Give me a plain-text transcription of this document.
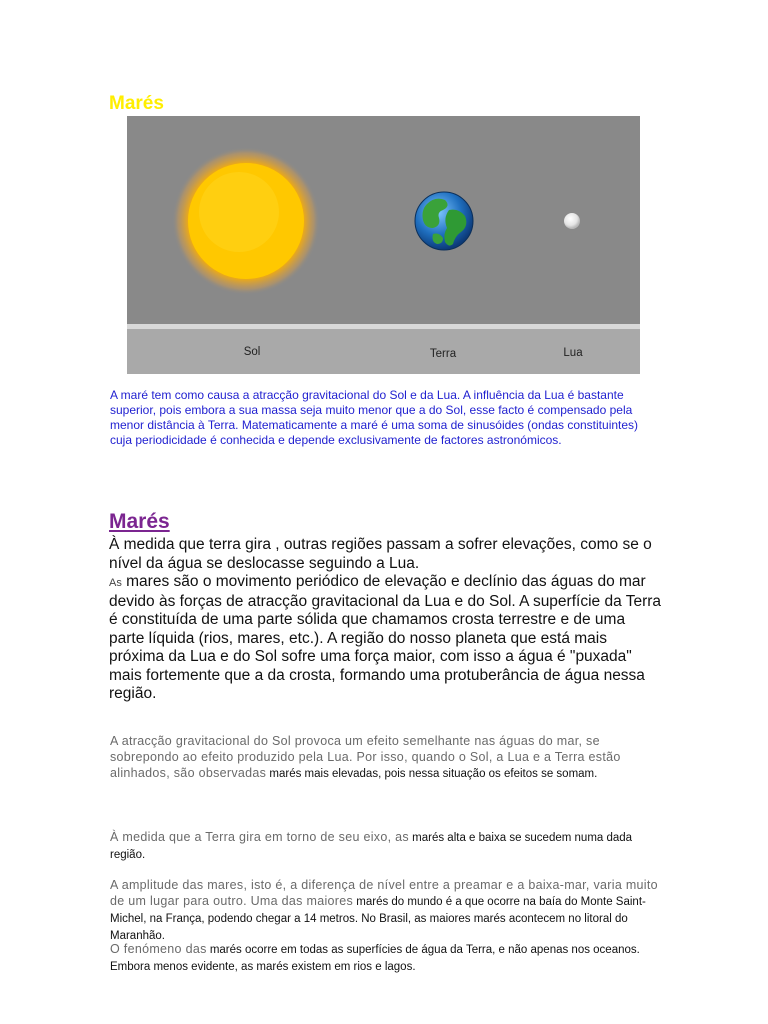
Marés
Sol	Terra	Lua

A maré tem como causa a atracção gravitacional do Sol e da Lua. A influência da Lua é bastante superior, pois embora a sua massa seja muito menor que a do Sol, esse facto é compensado pela menor distância à Terra. Matematicamente a maré é uma soma de sinusóides (ondas constituintes) cuja periodicidade é conhecida e depende exclusivamente de factores astronómicos.

Marés

À medida que terra gira , outras regiões passam a sofrer elevações, como se o nível da água se deslocasse seguindo a Lua.
As mares são o movimento periódico de elevação e declínio das águas do mar devido às forças de atracção gravitacional da Lua e do Sol. A superfície da Terra é constituída de uma parte sólida que chamamos crosta terrestre e de uma parte líquida (rios, mares, etc.). A região do nosso planeta que está mais próxima da Lua e do Sol sofre uma força maior, com isso a água é "puxada" mais fortemente que a da crosta, formando uma protuberância de água nessa região.

A atracção gravitacional do Sol provoca um efeito semelhante nas águas do mar, se sobrepondo ao efeito produzido pela Lua. Por isso, quando o Sol, a Lua e a Terra estão alinhados, são observadas marés mais elevadas, pois nessa situação os efeitos se somam.

À medida que a Terra gira em torno de seu eixo, as marés alta e baixa se sucedem numa dada região.

A amplitude das mares, isto é, a diferença de nível entre a preamar e a baixa-mar, varia muito de um lugar para outro. Uma das maiores marés do mundo é a que ocorre na baía do Monte Saint-Michel, na França, podendo chegar a 14 metros. No Brasil, as maiores marés acontecem no litoral do Maranhão.

O fenómeno das marés ocorre em todas as superfícies de água da Terra, e não apenas nos oceanos. Embora menos evidente, as marés existem em rios e lagos.
